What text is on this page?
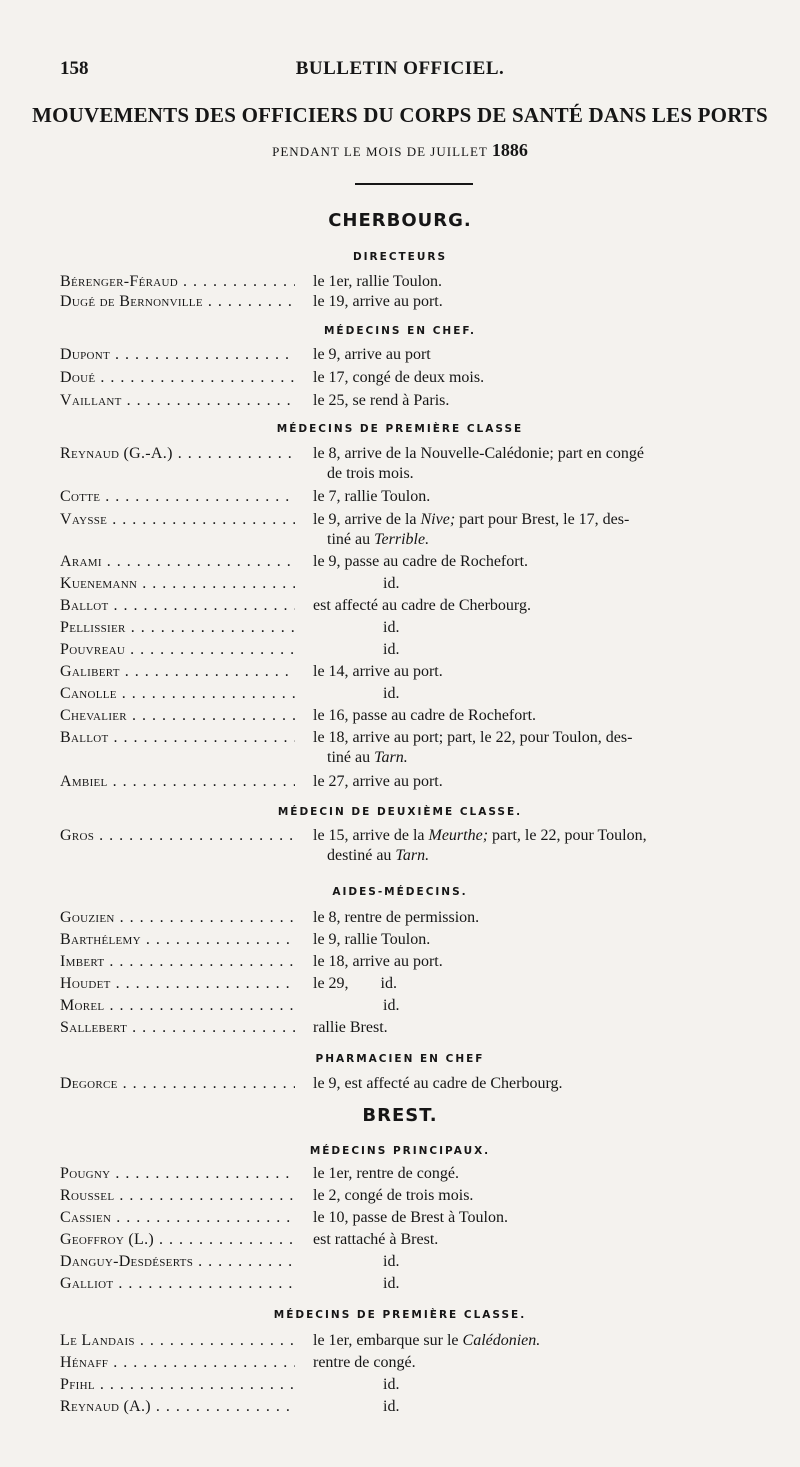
158	BULLETIN OFFICIEL.
MOUVEMENTS DES OFFICIERS DU CORPS DE SANTÉ DANS LES PORTS
PENDANT LE MOIS DE JUILLET 1886
CHERBOURG.
DIRECTEURS
Bérenger-Féraud . . .	le 1er, rallie Toulon.
Dugé de Bernonville . . .	le 19, arrive au port.
MÉDECINS EN CHEF.
Dupont . . .	le 9, arrive au port
Doué . . .	le 17, congé de deux mois.
Vaillant . . .	le 25, se rend à Paris.
MÉDECINS DE PREMIÈRE CLASSE
Reynaud (G.-A.) . . .	le 8, arrive de la Nouvelle-Calédonie; part en congé
de trois mois.
Cotte . . .	le 7, rallie Toulon.
Vaysse . . .	le 9, arrive de la Nive; part pour Brest, le 17, des-
tiné au Terrible.
Arami . . .	le 9, passe au cadre de Rochefort.
Kuenemann . . .	id.
Ballot . . .	est affecté au cadre de Cherbourg.
Pellissier . . .	id.
Pouvreau . . .	id.
Galibert . . .	le 14, arrive au port.
Canolle . . .	id.
Chevalier . . .	le 16, passe au cadre de Rochefort.
Ballot . . .	le 18, arrive au port; part, le 22, pour Toulon, des-
tiné au Tarn.
Ambiel . . .	le 27, arrive au port.
MÉDECIN DE DEUXIÈME CLASSE.
Gros . . .	le 15, arrive de la Meurthe; part, le 22, pour Toulon,
destiné au Tarn.
AIDES-MÉDECINS.
Gouzien . . .	le 8, rentre de permission.
Barthélemy . . .	le 9, rallie Toulon.
Imbert . . .	le 18, arrive au port.
Houdet . . .	le 29,        id.
Morel . . .	id.
Sallebert . . .	rallie Brest.
PHARMACIEN EN CHEF
Degorce . . .	le 9, est affecté au cadre de Cherbourg.
BREST.
MÉDECINS PRINCIPAUX.
Pougny . . .	le 1er, rentre de congé.
Roussel . . .	le 2, congé de trois mois.
Cassien . . .	le 10, passe de Brest à Toulon.
Geoffroy (L.) . . .	est rattaché à Brest.
Danguy-Desdéserts . . .	id.
Galliot . . .	id.
MÉDECINS DE PREMIÈRE CLASSE.
Le Landais . . .	le 1er, embarque sur le Calédonien.
Hénaff . . .	rentre de congé.
Pfihl . . .	id.
Reynaud (A.) . . .	id.
